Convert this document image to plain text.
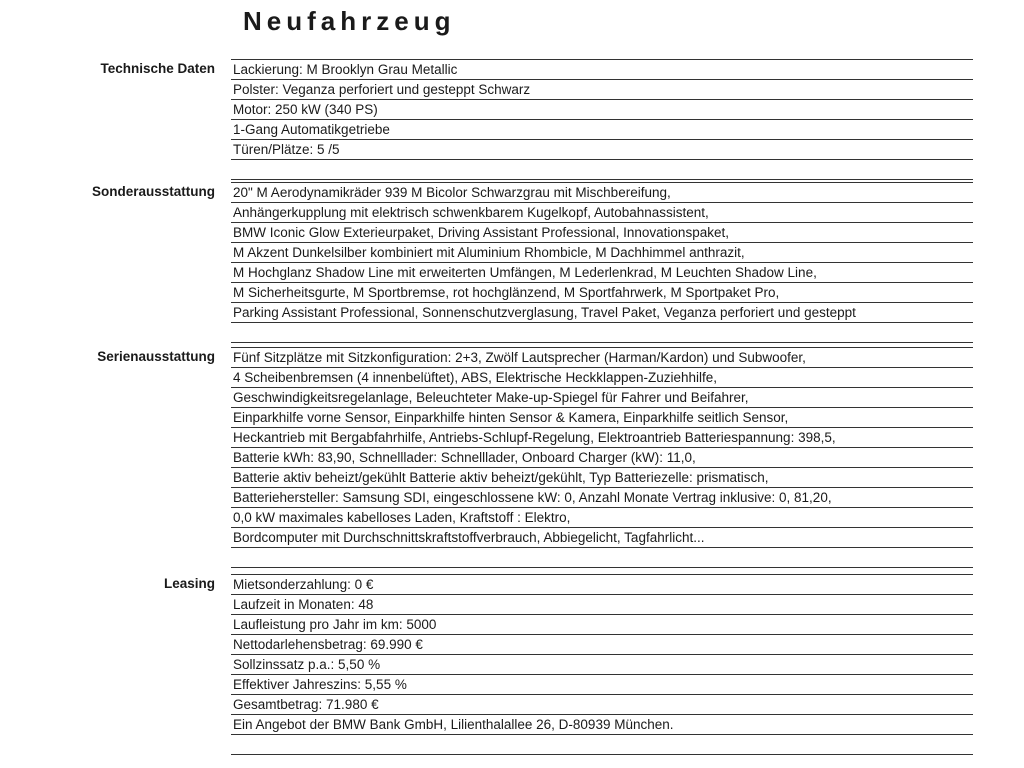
Neufahrzeug
Technische Daten Lackierung: M Brooklyn Grau Metallic
Polster: Veganza perforiert und gesteppt Schwarz
Motor: 250 kW (340 PS)
1-Gang Automatikgetriebe
Türen/Plätze: 5 /5
Sonderausstattung 20" M Aerodynamikräder 939 M Bicolor Schwarzgrau mit Mischbereifung,
Anhängerkupplung mit elektrisch schwenkbarem Kugelkopf, Autobahnassistent,
BMW Iconic Glow Exterieurpaket, Driving Assistant Professional, Innovationspaket,
M Akzent Dunkelsilber kombiniert mit Aluminium Rhombicle, M Dachhimmel anthrazit,
M Hochglanz Shadow Line mit erweiterten Umfängen, M Lederlenkrad, M Leuchten Shadow Line,
M Sicherheitsgurte, M Sportbremse, rot hochglänzend, M Sportfahrwerk, M Sportpaket Pro,
Parking Assistant Professional, Sonnenschutzverglasung, Travel Paket, Veganza perforiert und gesteppt
Serienausstattung Fünf Sitzplätze mit Sitzkonfiguration: 2+3, Zwölf Lautsprecher (Harman/Kardon) und Subwoofer,
4 Scheibenbremsen (4 innenbelüftet), ABS, Elektrische Heckklappen-Zuziehhilfe,
Geschwindigkeitsregelanlage, Beleuchteter Make-up-Spiegel für Fahrer und Beifahrer,
Einparkhilfe vorne Sensor, Einparkhilfe hinten Sensor & Kamera, Einparkhilfe seitlich Sensor,
Heckantrieb mit Bergabfahrhilfe, Antriebs-Schlupf-Regelung, Elektroantrieb Batteriespannung: 398,5,
Batterie kWh: 83,90, Schnelllader: Schnelllader, Onboard Charger (kW): 11,0,
Batterie aktiv beheizt/gekühlt Batterie aktiv beheizt/gekühlt, Typ Batteriezelle: prismatisch,
Batteriehersteller: Samsung SDI, eingeschlossene kW: 0, Anzahl Monate Vertrag inklusive: 0, 81,20,
0,0 kW maximales kabelloses Laden, Kraftstoff : Elektro,
Bordcomputer mit Durchschnittskraftstoffverbrauch, Abbiegelicht, Tagfahrlicht...
Leasing Mietsonderzahlung: 0 €
Laufzeit in Monaten: 48
Laufleistung pro Jahr im km: 5000
Nettodarlehensbetrag: 69.990 €
Sollzinssatz p.a.: 5,50 %
Effektiver Jahreszins: 5,55 %
Gesamtbetrag: 71.980 €
Ein Angebot der BMW Bank GmbH, Lilienthalallee 26, D-80939 München.
